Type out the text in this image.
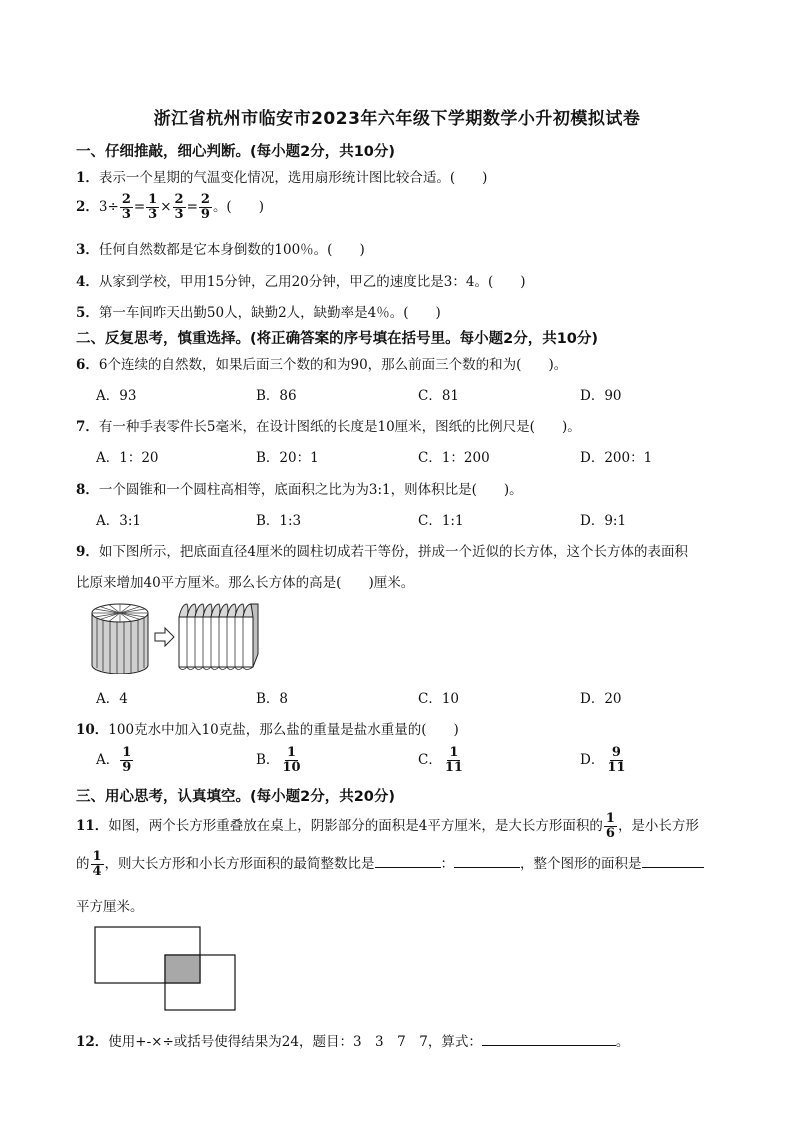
浙江省杭州市临安市2023年六年级下学期数学小升初模拟试卷
一、仔细推敲，细心判断。(每小题2分，共10分)
1．表示一个星期的气温变化情况，选用扇形统计图比较合适。(　　)
2．$3\div \frac{2}{3} = \frac{1}{3} \times \frac{2}{3} = \frac{2}{9}$ 。(　　)
3．任何自然数都是它本身倒数的100％。(　　)
4．从家到学校，甲用15分钟，乙用20分钟，甲乙的速度比是3：4。(　　)
5．第一车间昨天出勤50人，缺勤2人，缺勤率是4％。(　　)
二、反复思考，慎重选择。(将正确答案的序号填在括号里。每小题2分，共10分)
6．6个连续的自然数，如果后面三个数的和为90，那么前面三个数的和为(　　)。
A．93	B．86	C．81	D．90
7．有一种手表零件长5毫米，在设计图纸的长度是10厘米，图纸的比例尺是(　　)。
A．1：20	B．20：1	C．1：200	D．200：1
8．一个圆锥和一个圆柱高相等，底面积之比为为3:1，则体积比是(　　)。
A．3:1	B．1:3	C．1:1	D．9:1
9．如下图所示，把底面直径4厘米的圆柱切成若干等份，拼成一个近似的长方体，这个长方体的表面积
比原来增加40平方厘米。那么长方体的高是(　　)厘米。
A．4	B．8	C．10	D．20
10．100克水中加入10克盐，那么盐的重量是盐水重量的(　　)
A． $\frac{1}{9}$	B． $\frac{1}{10}$	C． $\frac{1}{11}$	D． $\frac{9}{11}$
三、用心思考，认真填空。(每小题2分，共20分)
11．如图，两个长方形重叠放在桌上，阴影部分的面积是4平方厘米，是大长方形面积的 $\frac{1}{6}$ ，是小长方形
的 $\frac{1}{4}$ ，则大长方形和小长方形面积的最简整数比是	：	，整个图形的面积是
平方厘米。
12．使用+-×÷或括号使得结果为24，题目：3　3　7　7，算式：	。
